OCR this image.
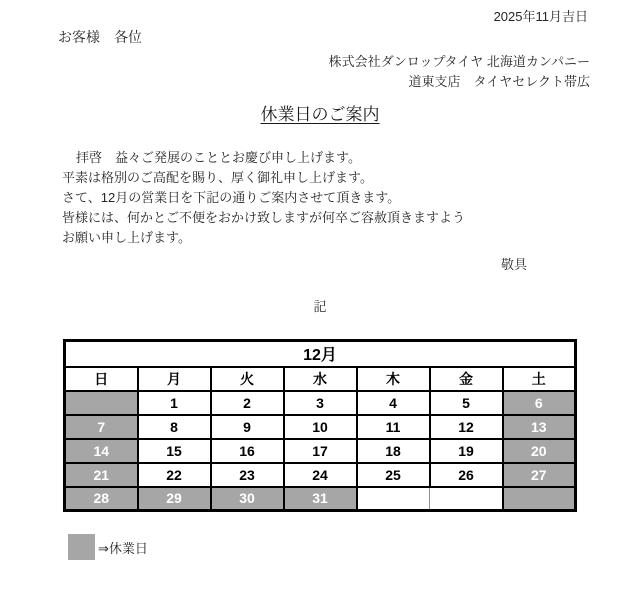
2025年11月吉日
お客様　各位
株式会社ダンロップタイヤ 北海道カンパニー
道東支店　タイヤセレクト帯広
休業日のご案内
拝啓　益々ご発展のこととお慶び申し上げます。
平素は格別のご高配を賜り、厚く御礼申し上げます。
さて、12月の営業日を下記の通りご案内させて頂きます。
皆様には、何かとご不便をおかけ致しますが何卒ご容赦頂きますよう
お願い申し上げます。
敬具
記
12月						
日	月	火	水	木	金	土
	1	2	3	4	5	6
7	8	9	10	11	12	13
14	15	16	17	18	19	20
21	22	23	24	25	26	27
28	29	30	31			
⇒休業日
